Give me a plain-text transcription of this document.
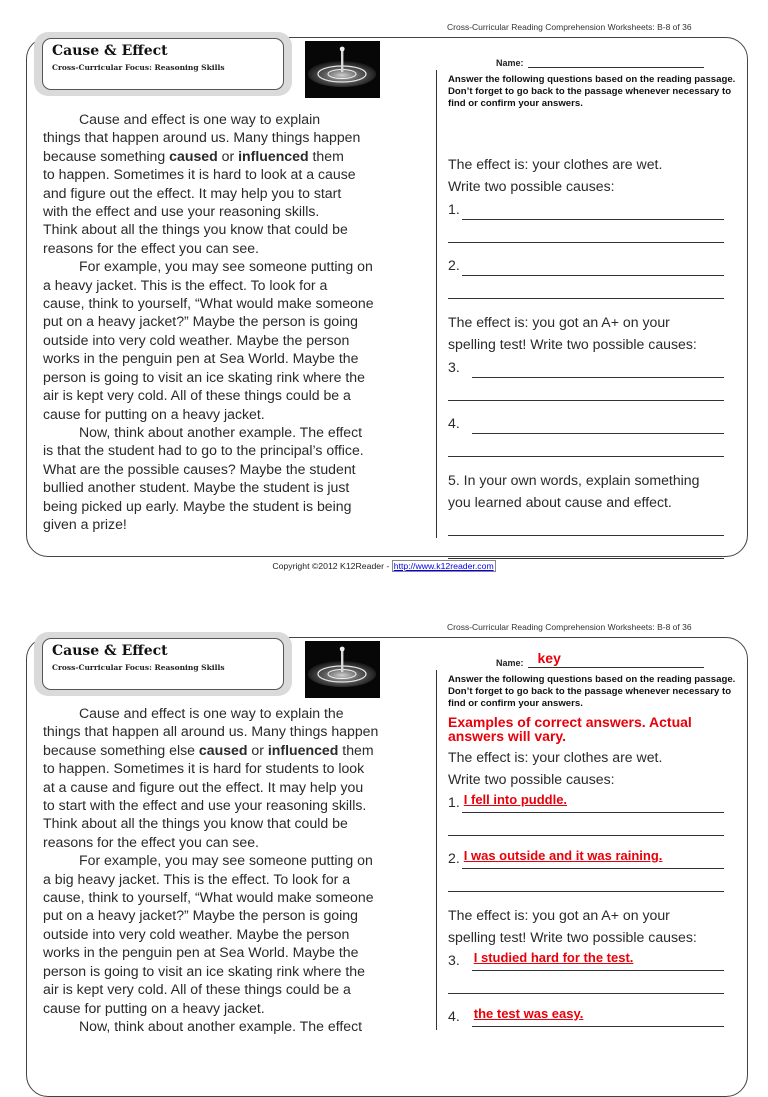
Cross-Curricular Reading Comprehension Worksheets: B-8 of 36
Cause & Effect
Cross-Curricular Focus: Reasoning Skills
Cause and effect is one way to explain
things that happen around us. Many things happen
because something caused or influenced them
to happen. Sometimes it is hard to look at a cause
and figure out the effect. It may help you to start
with the effect and use your reasoning skills.
Think about all the things you know that could be
reasons for the effect you can see.
For example, you may see someone putting on
a heavy jacket. This is the effect. To look for a
cause, think to yourself, “What would make someone
put on a heavy jacket?” Maybe the person is going
outside into very cold weather. Maybe the person
works in the penguin pen at Sea World. Maybe the
person is going to visit an ice skating rink where the
air is kept very cold. All of these things could be a
cause for putting on a heavy jacket.
Now, think about another example. The effect
is that the student had to go to the principal’s office.
What are the possible causes? Maybe the student
bullied another student. Maybe the student is just
being picked up early. Maybe the student is being
given a prize!
Name:
Answer the following questions based on the reading passage. Don’t forget to go back to the passage whenever necessary to find or confirm your answers.
The effect is: your clothes are wet.
Write two possible causes:
1.
2.
The effect is: you got an A+ on your
spelling test! Write two possible causes:
3.
4.
5. In your own words, explain something
you learned about cause and effect.
Copyright ©2012 K12Reader - http://www.k12reader.com
Cross-Curricular Reading Comprehension Worksheets: B-8 of 36
Cause & Effect
Cross-Curricular Focus: Reasoning Skills
Cause and effect is one way to explain the
things that happen all around us. Many things happen
because something else caused or influenced them
to happen. Sometimes it is hard for students to look
at a cause and figure out the effect. It may help you
to start with the effect and use your reasoning skills.
Think about all the things you know that could be
reasons for the effect you can see.
For example, you may see someone putting on
a big heavy jacket. This is the effect. To look for a
cause, think to yourself, “What would make someone
put on a heavy jacket?” Maybe the person is going
outside into very cold weather. Maybe the person
works in the penguin pen at Sea World. Maybe the
person is going to visit an ice skating rink where the
air is kept very cold. All of these things could be a
cause for putting on a heavy jacket.
Now, think about another example. The effect
Name: key
Answer the following questions based on the reading passage. Don’t forget to go back to the passage whenever necessary to find or confirm your answers.
Examples of correct answers. Actual answers will vary.
The effect is: your clothes are wet.
Write two possible causes:
1. I fell into puddle.
2. I was outside and it was raining.
The effect is: you got an A+ on your
spelling test! Write two possible causes:
3. I studied hard for the test.
4. the test was easy.
